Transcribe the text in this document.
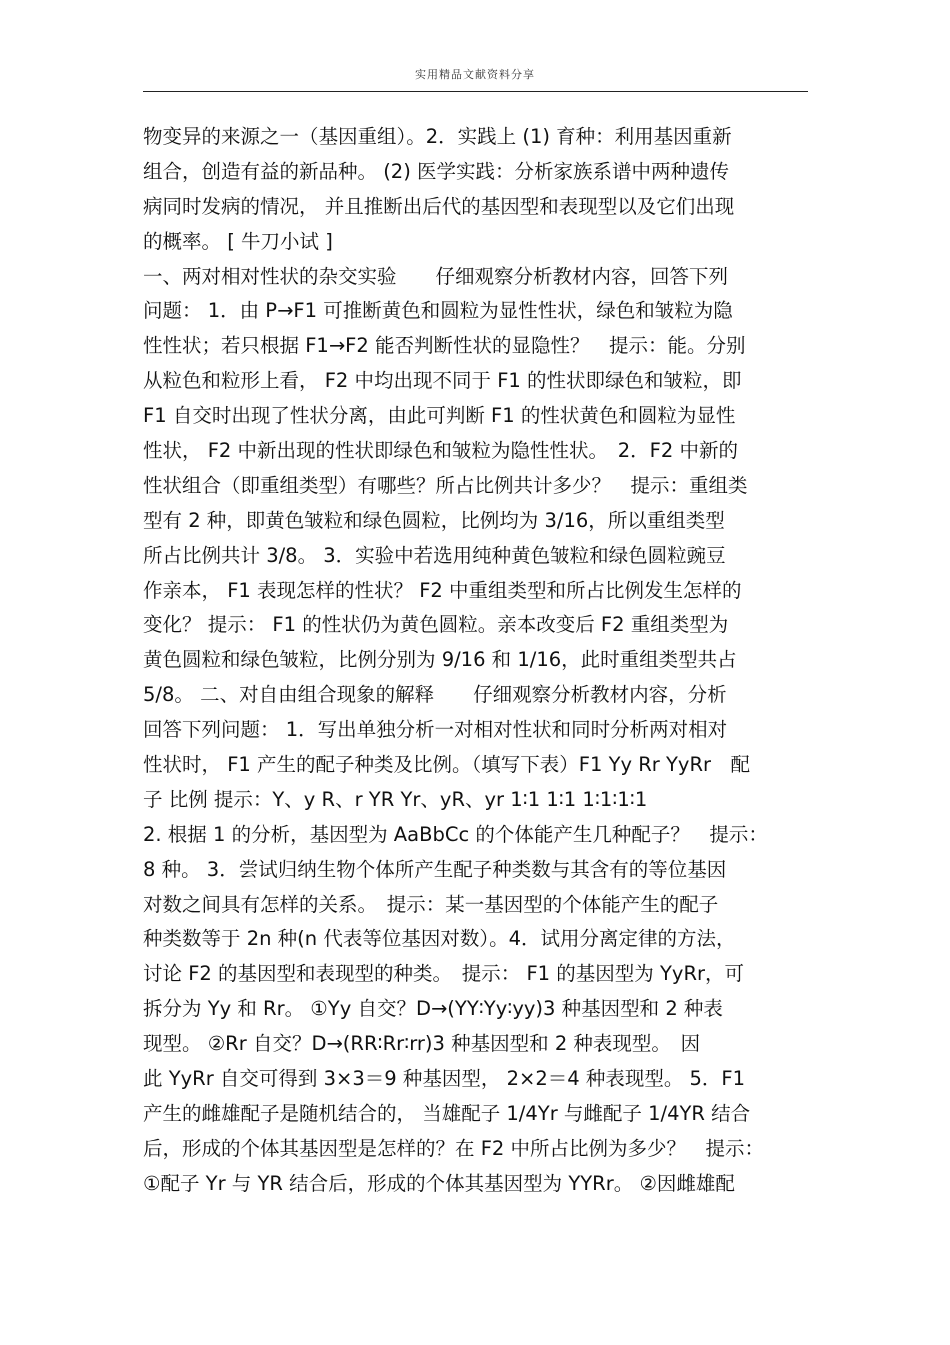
实用精品文献资料分享
物变异的来源之一（基因重组）。2．实践上 (1) 育种：利用基因重新
组合，创造有益的新品种。 (2) 医学实践：分析家族系谱中两种遗传
病同时发病的情况， 并且推断出后代的基因型和表现型以及它们出现
的概率。 [ 牛刀小试 ]
一、两对相对性状的杂交实验　　仔细观察分析教材内容，回答下列
问题： 1．由 P→F1 可推断黄色和圆粒为显性性状，绿色和皱粒为隐
性性状；若只根据 F1→F2 能否判断性状的显隐性？　提示：能。分别
从粒色和粒形上看， F2 中均出现不同于 F1 的性状即绿色和皱粒，即
F1 自交时出现了性状分离，由此可判断 F1 的性状黄色和圆粒为显性
性状， F2 中新出现的性状即绿色和皱粒为隐性性状。　2．F2 中新的
性状组合（即重组类型）有哪些？所占比例共计多少？　提示：重组类
型有 2 种，即黄色皱粒和绿色圆粒，比例均为 3/16，所以重组类型
所占比例共计 3/8。 3．实验中若选用纯种黄色皱粒和绿色圆粒豌豆
作亲本， F1 表现怎样的性状？ F2 中重组类型和所占比例发生怎样的
变化？ 提示： F1 的性状仍为黄色圆粒。亲本改变后 F2 重组类型为
黄色圆粒和绿色皱粒，比例分别为 9/16 和 1/16，此时重组类型共占
5/8。 二、对自由组合现象的解释　　仔细观察分析教材内容，分析
回答下列问题： 1．写出单独分析一对相对性状和同时分析两对相对
性状时， F1 产生的配子种类及比例。（填写下表）F1 Yy Rr YyRr　配
子 比例 提示：Y、y R、r YR Yr、yR、yr 1∶1 1∶1 1∶1∶1∶1
2. 根据 1 的分析，基因型为 AaBbCc 的个体能产生几种配子？　提示：
8 种。 3．尝试归纳生物个体所产生配子种类数与其含有的等位基因
对数之间具有怎样的关系。　提示：某一基因型的个体能产生的配子
种类数等于 2n 种(n 代表等位基因对数）。4．试用分离定律的方法，
讨论 F2 的基因型和表现型的种类。　提示： F1 的基因型为 YyRr，可
拆分为 Yy 和 Rr。 ①Yy 自交？D→(YY∶Yy∶yy)3 种基因型和 2 种表
现型。 ②Rr 自交？D→(RR∶Rr∶rr)3 种基因型和 2 种表现型。　因
此 YyRr 自交可得到 3×3＝9 种基因型， 2×2＝4 种表现型。 5．F1
产生的雌雄配子是随机结合的， 当雄配子 1/4Yr 与雌配子 1/4YR 结合
后，形成的个体其基因型是怎样的？在 F2 中所占比例为多少？　提示：
①配子 Yr 与 YR 结合后，形成的个体其基因型为 YYRr。 ②因雌雄配
